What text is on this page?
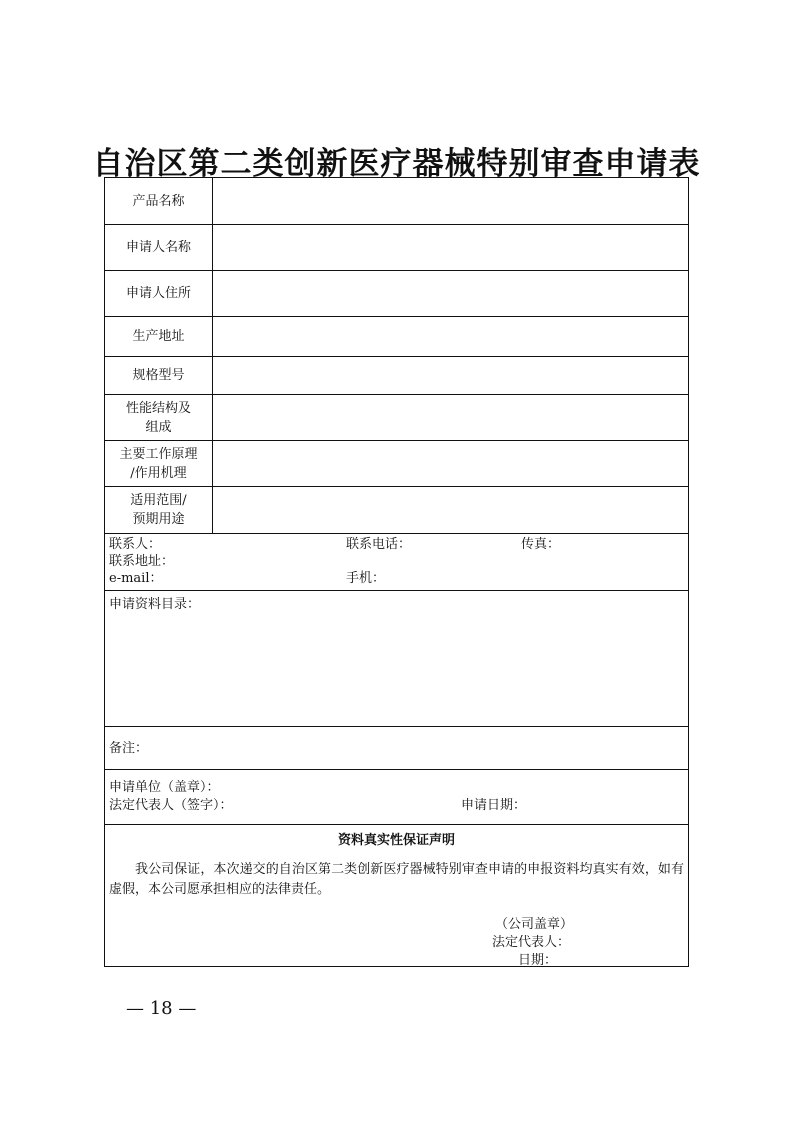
自治区第二类创新医疗器械特别审查申请表
产品名称
申请人名称
申请人住所
生产地址
规格型号
性能结构及
组成
主要工作原理
/作用机理
适用范围/
预期用途
联系人：	联系电话：	传真：
联系地址：
e-mail：	手机：
申请资料目录：
备注：
申请单位（盖章）：
法定代表人（签字）：	申请日期：
资料真实性保证声明
我公司保证，本次递交的自治区第二类创新医疗器械特别审查申请的申报资料均真实有效，如有虚假，本公司愿承担相应的法律责任。
（公司盖章）
法定代表人：
日期：
— 18 —
